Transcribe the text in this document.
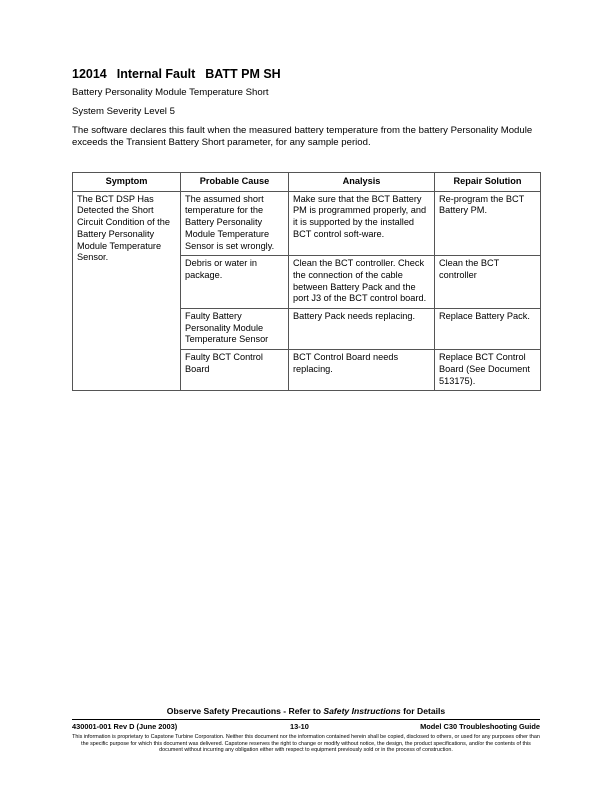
12014 Internal Fault BATT PM SH
Battery Personality Module Temperature Short
System Severity Level 5
The software declares this fault when the measured battery temperature from the battery Personality Module exceeds the Transient Battery Short parameter, for any sample period.
Symptom	Probable Cause	Analysis	Repair Solution

The BCT DSP Has Detected the Short Circuit Condition of the Battery Personality Module Temperature Sensor.	The assumed short temperature for the Battery Personality Module Temperature Sensor is set wrongly.	Make sure that the BCT Battery PM is programmed properly, and it is supported by the installed BCT control soft-ware.	Re-program the BCT Battery PM.
	Debris or water in package.	Clean the BCT controller. Check the connection of the cable between Battery Pack and the port J3 of the BCT control board.	Clean the BCT controller
	Faulty Battery Personality Module Temperature Sensor	Battery Pack needs replacing.	Replace Battery Pack.
	Faulty BCT Control Board	BCT Control Board needs replacing.	Replace BCT Control Board (See Document 513175).
Observe Safety Precautions - Refer to Safety Instructions for Details
430001-001 Rev D (June 2003)	13-10	Model C30 Troubleshooting Guide
This information is proprietary to Capstone Turbine Corporation. Neither this document nor the information contained herein shall be copied, disclosed to others, or used for any purposes other than the specific purpose for which this document was delivered. Capstone reserves the right to change or modify without notice, the design, the product specifications, and/or the contents of this document without incurring any obligation either with respect to equipment previously sold or in the process of construction.
